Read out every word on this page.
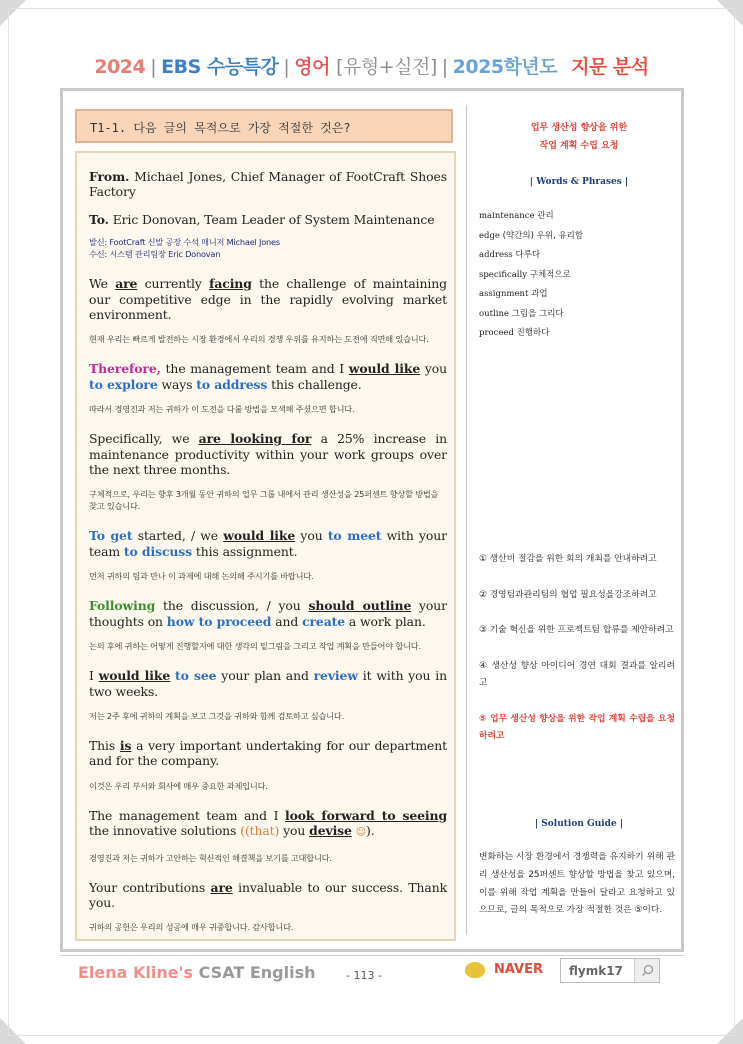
2024 | EBS 수능특강 | 영어 [유형+실전] | 2025학년도 지문 분석
T1-1. 다음 글의 목적으로 가장 적절한 것은?
From. Michael Jones, Chief Manager of FootCraft Shoes Factory
To. Eric Donovan, Team Leader of System Maintenance
발신: FootCraft 신발 공장 수석 매니저 Michael Jones
수신: 시스템 관리팀장 Eric Donovan
We are currently facing the challenge of maintaining our competitive edge in the rapidly evolving market environment.
현재 우리는 빠르게 발전하는 시장 환경에서 우리의 경쟁 우위를 유지하는 도전에 직면해 있습니다.
Therefore, the management team and I would like you to explore ways to address this challenge.
따라서 경영진과 저는 귀하가 이 도전을 다룰 방법을 모색해 주셨으면 합니다.
Specifically, we are looking for a 25% increase in maintenance productivity within your work groups over the next three months.
구체적으로, 우리는 향후 3개월 동안 귀하의 업무 그룹 내에서 관리 생산성을 25퍼센트 향상할 방법을 찾고 있습니다.
To get started, / we would like you to meet with your team to discuss this assignment.
먼저 귀하의 팀과 만나 이 과제에 대해 논의해 주시기를 바랍니다.
Following the discussion, / you should outline your thoughts on how to proceed and create a work plan.
논의 후에 귀하는 어떻게 진행할지에 대한 생각의 밑그림을 그리고 작업 계획을 만들어야 합니다.
I would like to see your plan and review it with you in two weeks.
저는 2주 후에 귀하의 계획을 보고 그것을 귀하와 함께 검토하고 싶습니다.
This is a very important undertaking for our department and for the company.
이것은 우리 부서와 회사에 매우 중요한 과제입니다.
The management team and I look forward to seeing the innovative solutions ((that) you devise ☺).
경영진과 저는 귀하가 고안하는 혁신적인 해결책을 보기를 고대합니다.
Your contributions are invaluable to our success. Thank you.
귀하의 공헌은 우리의 성공에 매우 귀중합니다. 감사합니다.
업무 생산성 향상을 위한
작업 계획 수립 요청
| Words & Phrases |
maintenance 관리
edge (약간의) 우위, 유리함
address 다루다
specifically 구체적으로
assignment 과업
outline 그림을 그리다
proceed 진행하다
① 생산비 절감을 위한 회의 개최를 안내하려고
② 경영팀과관리팀의 협업 필요성을강조하려고
③ 기술 혁신을 위한 프로젝트팀 합류를 제안하려고
④ 생산성 향상 아이디어 경연 대회 결과를 알리려고
⑤ 업무 생산성 향상을 위한 작업 계획 수립을 요청하려고
| Solution Guide |
변화하는 시장 환경에서 경쟁력을 유지하기 위해 관리 생산성을 25퍼센트 향상할 방법을 찾고 있으며, 이를 위해 작업 계획을 만들어 달라고 요청하고 있으므로, 글의 목적으로 가장 적절한 것은 ⑤이다.
Elena Kline's CSAT English	- 113 -	NAVER	flymk17
